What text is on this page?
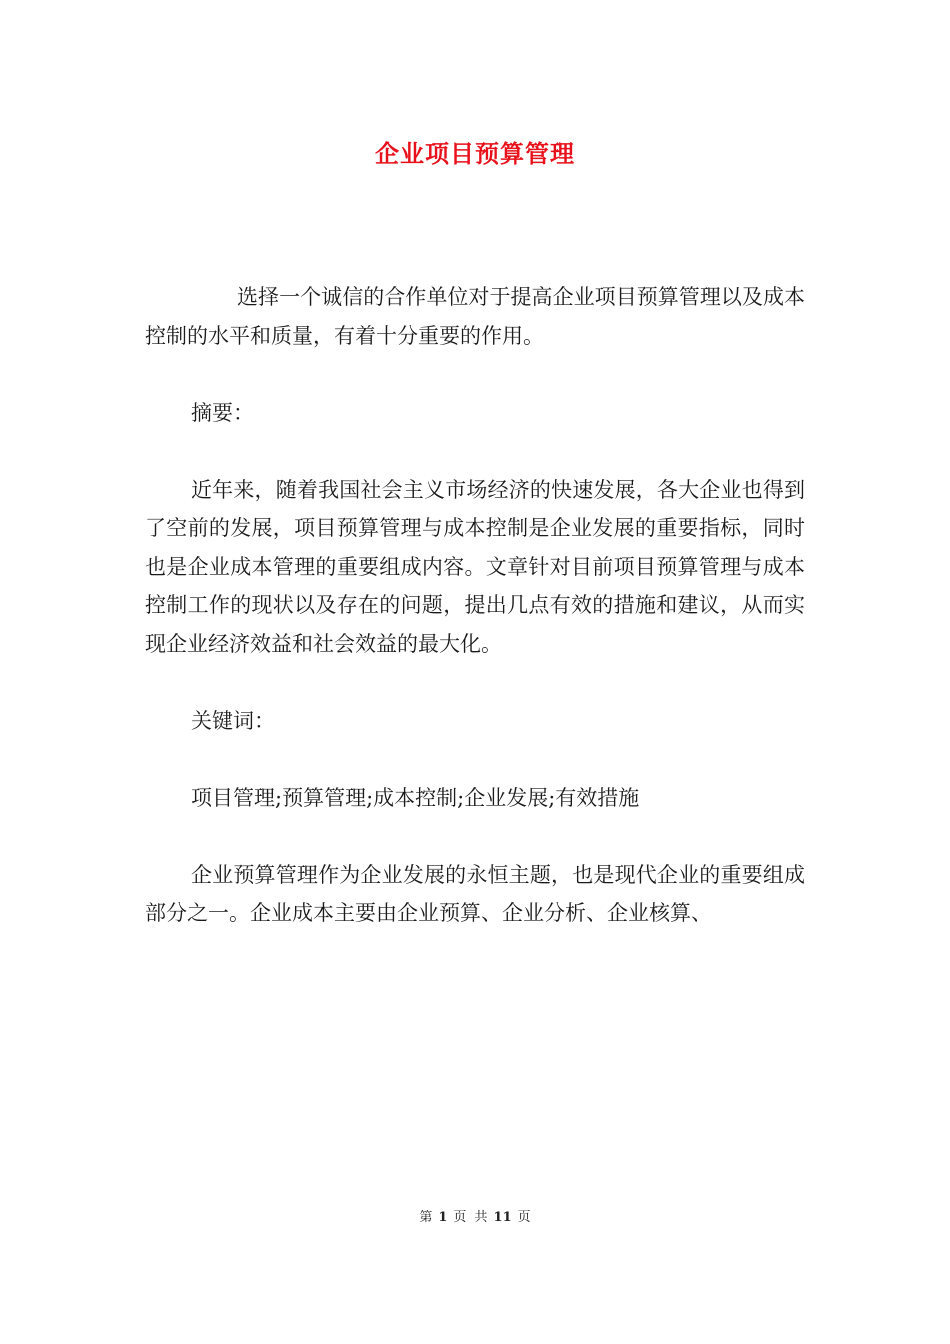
企业项目预算管理

选择一个诚信的合作单位对于提高企业项目预算管理以及成本控制的水平和质量，有着十分重要的作用。

摘要：

近年来，随着我国社会主义市场经济的快速发展，各大企业也得到了空前的发展，项目预算管理与成本控制是企业发展的重要指标，同时也是企业成本管理的重要组成内容。文章针对目前项目预算管理与成本控制工作的现状以及存在的问题，提出几点有效的措施和建议，从而实现企业经济效益和社会效益的最大化。

关键词：

项目管理;预算管理;成本控制;企业发展;有效措施

企业预算管理作为企业发展的永恒主题，也是现代企业的重要组成部分之一。企业成本主要由企业预算、企业分析、企业核算、

第 1 页 共 11 页
